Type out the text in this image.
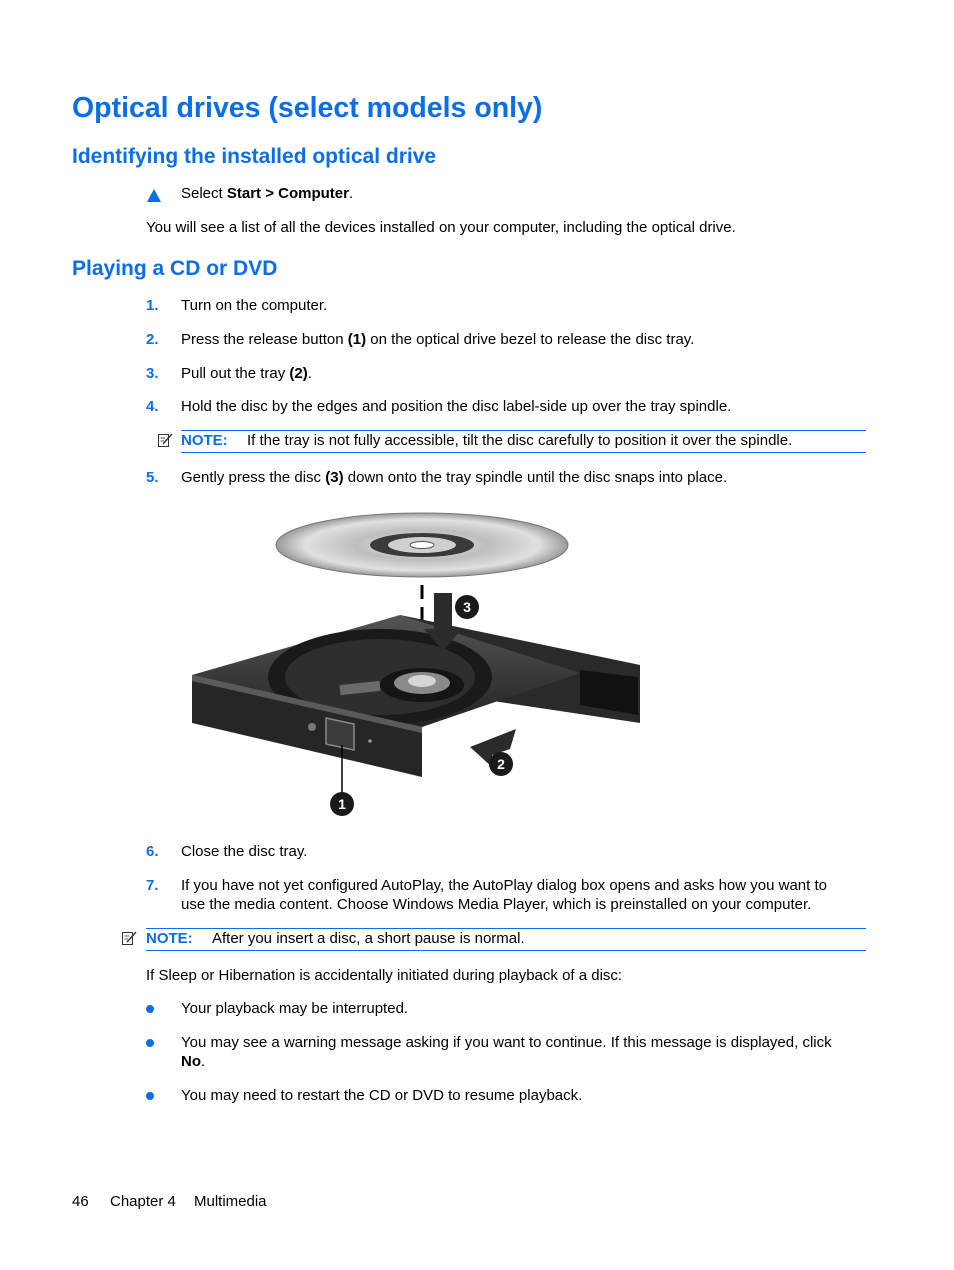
Optical drives (select models only)
Identifying the installed optical drive
Select Start > Computer.
You will see a list of all the devices installed on your computer, including the optical drive.
Playing a CD or DVD
1. Turn on the computer.
2. Press the release button (1) on the optical drive bezel to release the disc tray.
3. Pull out the tray (2).
4. Hold the disc by the edges and position the disc label-side up over the tray spindle.
NOTE: If the tray is not fully accessible, tilt the disc carefully to position it over the spindle.
5. Gently press the disc (3) down onto the tray spindle until the disc snaps into place.
3
2
1
6. Close the disc tray.
7. If you have not yet configured AutoPlay, the AutoPlay dialog box opens and asks how you want to
use the media content. Choose Windows Media Player, which is preinstalled on your computer.
NOTE: After you insert a disc, a short pause is normal.
If Sleep or Hibernation is accidentally initiated during playback of a disc:
Your playback may be interrupted.
You may see a warning message asking if you want to continue. If this message is displayed, click
No.
You may need to restart the CD or DVD to resume playback.
46 Chapter 4 Multimedia
